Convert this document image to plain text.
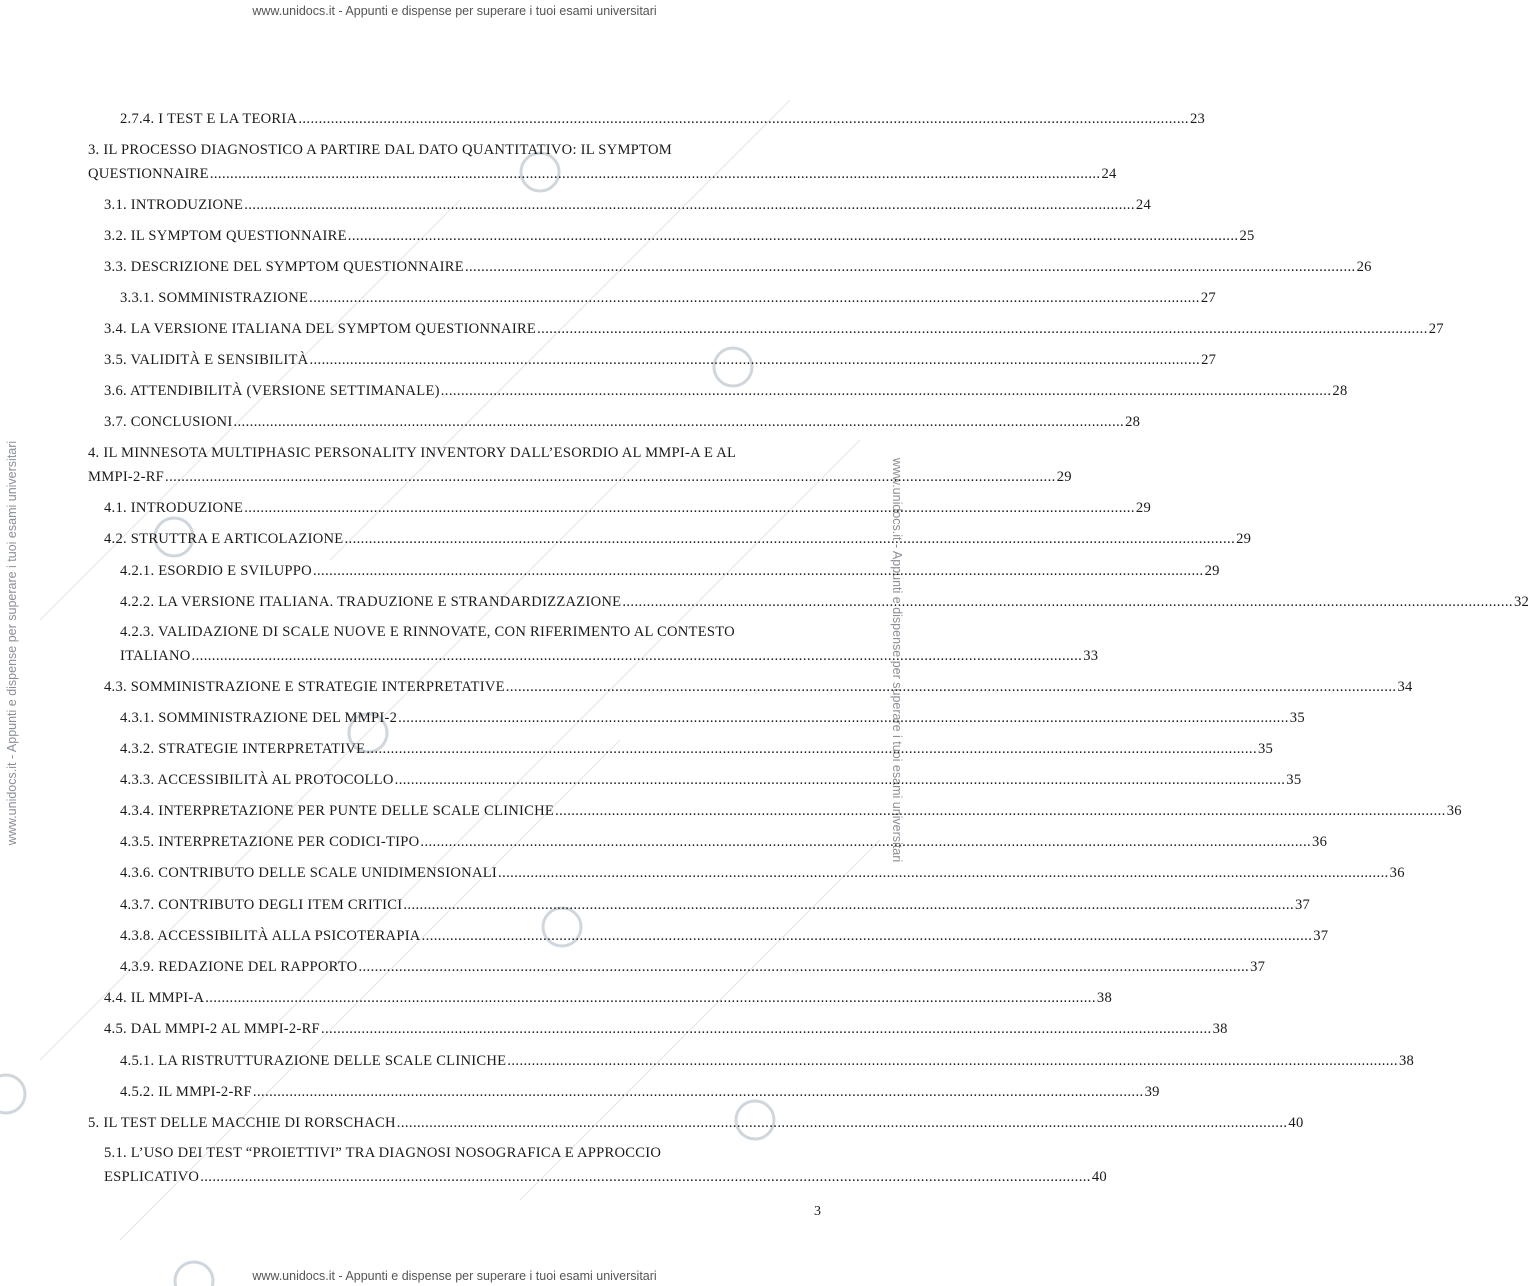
www.unidocs.it - Appunti e dispense per superare i tuoi esami universitari
www.unidocs.it - Appunti e dispense per superare i tuoi esami universitari
www.unidocs.it - Appunti e dispense per superare i tuoi esami universitari	www.unidocs.it - Appunti e dispense per superare i tuoi esami universitari
2.7.4. I TEST E LA TEORIA ............................................................................................................................................................................................................................ 23
3. IL PROCESSO DIAGNOSTICO A PARTIRE DAL DATO QUANTITATIVO: IL SYMPTOM
QUESTIONNAIRE ............................................................................................................................................................................................................................ 24
3.1. INTRODUZIONE ............................................................................................................................................................................................................................ 24
3.2. IL SYMPTOM QUESTIONNAIRE ............................................................................................................................................................................................................................ 25
3.3. DESCRIZIONE DEL SYMPTOM QUESTIONNAIRE ............................................................................................................................................................................................................................ 26
3.3.1. SOMMINISTRAZIONE ............................................................................................................................................................................................................................ 27
3.4. LA VERSIONE ITALIANA DEL SYMPTOM QUESTIONNAIRE ............................................................................................................................................................................................................................ 27
3.5. VALIDITÀ E SENSIBILITÀ ............................................................................................................................................................................................................................ 27
3.6. ATTENDIBILITÀ (VERSIONE SETTIMANALE) ............................................................................................................................................................................................................................ 28
3.7. CONCLUSIONI ............................................................................................................................................................................................................................ 28
4. IL MINNESOTA MULTIPHASIC PERSONALITY INVENTORY DALL’ESORDIO AL MMPI-A E AL
MMPI-2-RF ............................................................................................................................................................................................................................ 29
4.1. INTRODUZIONE ............................................................................................................................................................................................................................ 29
4.2. STRUTTRA E ARTICOLAZIONE ............................................................................................................................................................................................................................ 29
4.2.1. ESORDIO E SVILUPPO ............................................................................................................................................................................................................................ 29
4.2.2. LA VERSIONE ITALIANA. TRADUZIONE E STRANDARDIZZAZIONE ............................................................................................................................................................................................................................ 32
4.2.3. VALIDAZIONE DI SCALE NUOVE E RINNOVATE, CON RIFERIMENTO AL CONTESTO
ITALIANO ............................................................................................................................................................................................................................ 33
4.3. SOMMINISTRAZIONE E STRATEGIE INTERPRETATIVE ............................................................................................................................................................................................................................ 34
4.3.1. SOMMINISTRAZIONE DEL MMPI-2 ............................................................................................................................................................................................................................ 35
4.3.2. STRATEGIE INTERPRETATIVE ............................................................................................................................................................................................................................ 35
4.3.3. ACCESSIBILITÀ AL PROTOCOLLO ............................................................................................................................................................................................................................ 35
4.3.4. INTERPRETAZIONE PER PUNTE DELLE SCALE CLINICHE ............................................................................................................................................................................................................................ 36
4.3.5. INTERPRETAZIONE PER CODICI-TIPO ............................................................................................................................................................................................................................ 36
4.3.6. CONTRIBUTO DELLE SCALE UNIDIMENSIONALI ............................................................................................................................................................................................................................ 36
4.3.7. CONTRIBUTO DEGLI ITEM CRITICI ............................................................................................................................................................................................................................ 37
4.3.8. ACCESSIBILITÀ ALLA PSICOTERAPIA ............................................................................................................................................................................................................................ 37
4.3.9. REDAZIONE DEL RAPPORTO ............................................................................................................................................................................................................................ 37
4.4. IL MMPI-A ............................................................................................................................................................................................................................ 38
4.5. DAL MMPI-2 AL MMPI-2-RF ............................................................................................................................................................................................................................ 38
4.5.1. LA RISTRUTTURAZIONE DELLE SCALE CLINICHE ............................................................................................................................................................................................................................ 38
4.5.2. IL MMPI-2-RF ............................................................................................................................................................................................................................ 39
5. IL TEST DELLE MACCHIE DI RORSCHACH ............................................................................................................................................................................................................................ 40
5.1. L’USO DEI TEST “PROIETTIVI” TRA DIAGNOSI NOSOGRAFICA E APPROCCIO
ESPLICATIVO ............................................................................................................................................................................................................................ 40
3
